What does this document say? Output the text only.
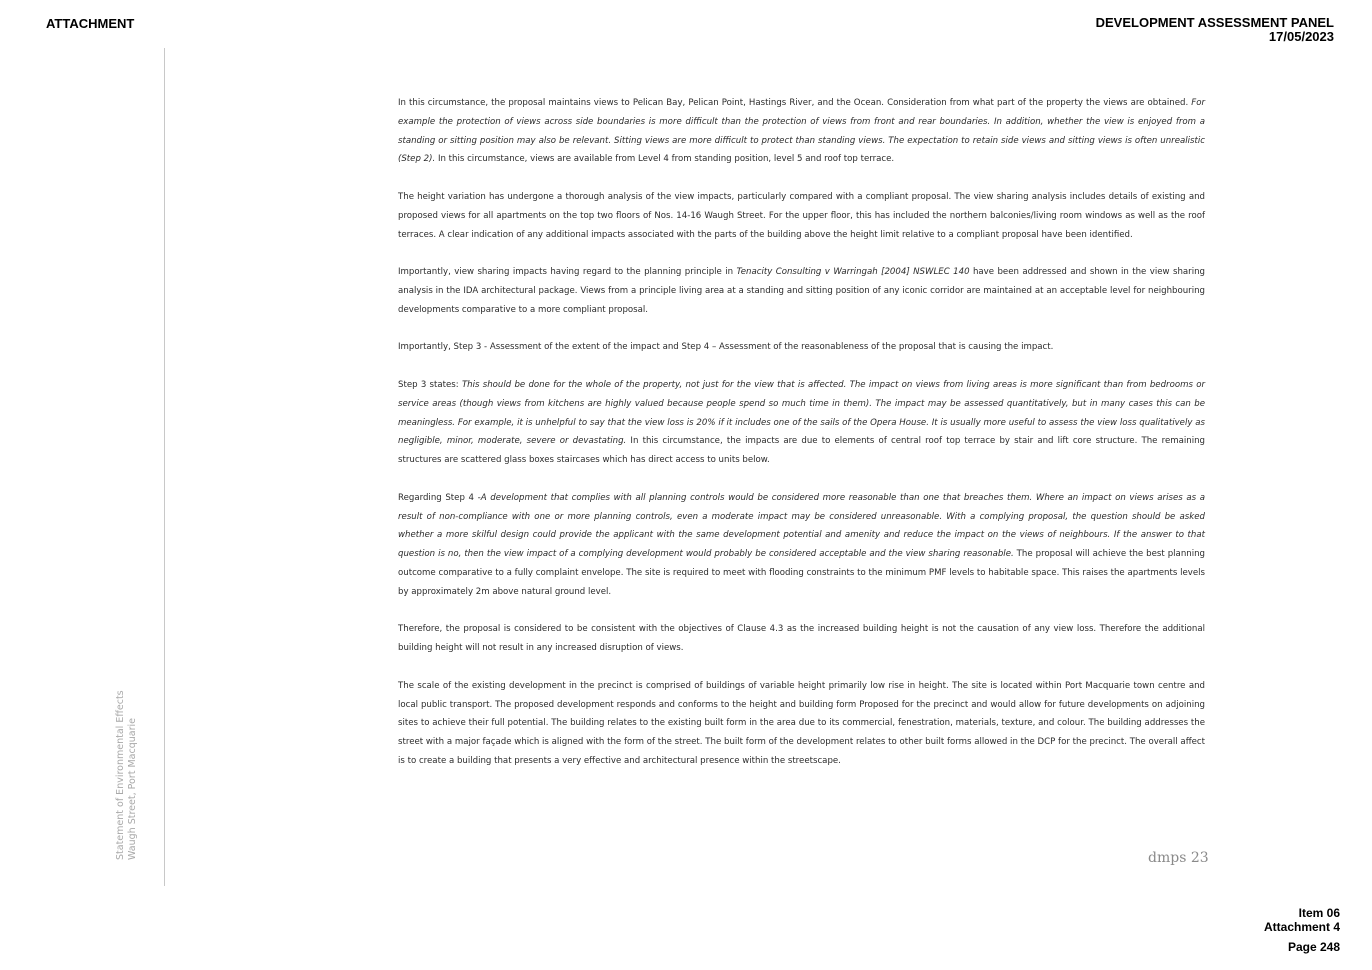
ATTACHMENT	DEVELOPMENT ASSESSMENT PANEL
17/05/2023
Statement of Environmental Effects Waugh Street, Port Macquarie

In this circumstance, the proposal maintains views to Pelican Bay, Pelican Point, Hastings River, and the Ocean. Consideration from what part of the property the views are obtained. For example the protection of views across side boundaries is more difficult than the protection of views from front and rear boundaries. In addition, whether the view is enjoyed from a standing or sitting position may also be relevant. Sitting views are more difficult to protect than standing views. The expectation to retain side views and sitting views is often unrealistic (Step 2). In this circumstance, views are available from Level 4 from standing position, level 5 and roof top terrace.

The height variation has undergone a thorough analysis of the view impacts, particularly compared with a compliant proposal. The view sharing analysis includes details of existing and proposed views for all apartments on the top two floors of Nos. 14-16 Waugh Street. For the upper floor, this has included the northern balconies/living room windows as well as the roof terraces. A clear indication of any additional impacts associated with the parts of the building above the height limit relative to a compliant proposal have been identified.

Importantly, view sharing impacts having regard to the planning principle in Tenacity Consulting v Warringah [2004] NSWLEC 140 have been addressed and shown in the view sharing analysis in the IDA architectural package. Views from a principle living area at a standing and sitting position of any iconic corridor are maintained at an acceptable level for neighbouring developments comparative to a more compliant proposal.

Importantly, Step 3 - Assessment of the extent of the impact and Step 4 – Assessment of the reasonableness of the proposal that is causing the impact.

Step 3 states: This should be done for the whole of the property, not just for the view that is affected. The impact on views from living areas is more significant than from bedrooms or service areas (though views from kitchens are highly valued because people spend so much time in them). The impact may be assessed quantitatively, but in many cases this can be meaningless. For example, it is unhelpful to say that the view loss is 20% if it includes one of the sails of the Opera House. It is usually more useful to assess the view loss qualitatively as negligible, minor, moderate, severe or devastating. In this circumstance, the impacts are due to elements of central roof top terrace by stair and lift core structure. The remaining structures are scattered glass boxes staircases which has direct access to units below.

Regarding Step 4 -A development that complies with all planning controls would be considered more reasonable than one that breaches them. Where an impact on views arises as a result of non-compliance with one or more planning controls, even a moderate impact may be considered unreasonable. With a complying proposal, the question should be asked whether a more skilful design could provide the applicant with the same development potential and amenity and reduce the impact on the views of neighbours. If the answer to that question is no, then the view impact of a complying development would probably be considered acceptable and the view sharing reasonable. The proposal will achieve the best planning outcome comparative to a fully complaint envelope. The site is required to meet with flooding constraints to the minimum PMF levels to habitable space. This raises the apartments levels by approximately 2m above natural ground level.

Therefore, the proposal is considered to be consistent with the objectives of Clause 4.3 as the increased building height is not the causation of any view loss. Therefore the additional building height will not result in any increased disruption of views.

The scale of the existing development in the precinct is comprised of buildings of variable height primarily low rise in height. The site is located within Port Macquarie town centre and local public transport. The proposed development responds and conforms to the height and building form Proposed for the precinct and would allow for future developments on adjoining sites to achieve their full potential. The building relates to the existing built form in the area due to its commercial, fenestration, materials, texture, and colour. The building addresses the street with a major façade which is aligned with the form of the street. The built form of the development relates to other built forms allowed in the DCP for the precinct. The overall affect is to create a building that presents a very effective and architectural presence within the streetscape.

dmps 23
Item 06
Attachment 4
Page 248
